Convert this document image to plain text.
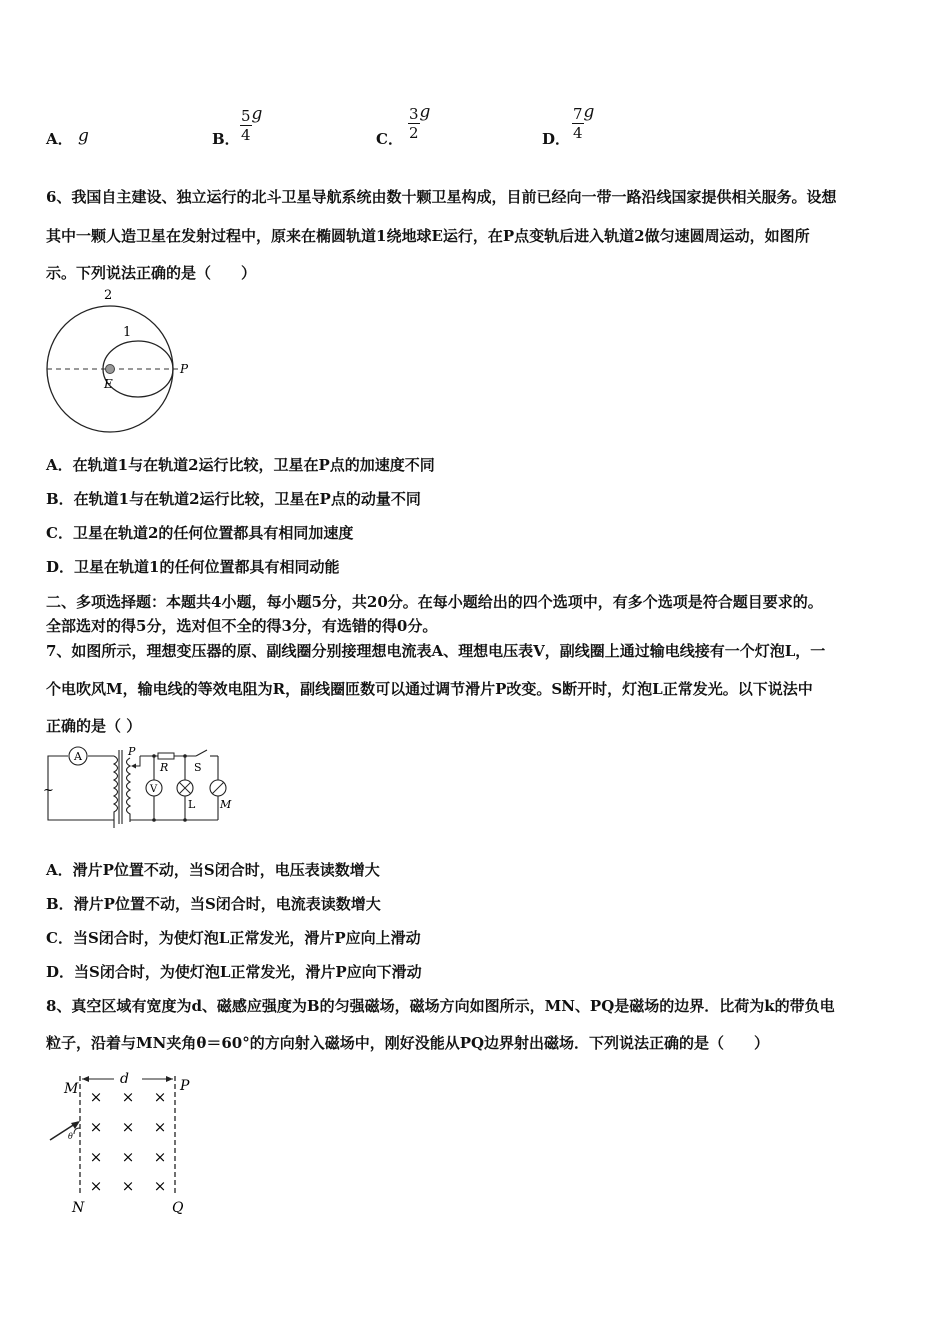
A． g	B． $\frac{5}{4}$ g
C． $\frac{3}{2}$ g
D． $\frac{7}{4}$ g
6、我国自主建设、独立运行的北斗卫星导航系统由数十颗卫星构成，目前已经向一带一路沿线国家提供相关服务。设想
其中一颗人造卫星在发射过程中，原来在椭圆轨道1绕地球E运行，在P点变轨后进入轨道2做匀速圆周运动，如图所
示。下列说法正确的是（　　）
2
1
E
P
A．在轨道1与在轨道2运行比较，卫星在P点的加速度不同
B．在轨道1与在轨道2运行比较，卫星在P点的动量不同
C．卫星在轨道2的任何位置都具有相同加速度
D．卫星在轨道1的任何位置都具有相同动能
二、多项选择题：本题共4小题，每小题5分，共20分。在每小题给出的四个选项中，有多个选项是符合题目要求的。
全部选对的得5分，选对但不全的得3分，有选错的得0分。
7、如图所示，理想变压器的原、副线圈分别接理想电流表A、理想电压表V，副线圈上通过输电线接有一个灯泡L，一
个电吹风M，输电线的等效电阻为R，副线圈匝数可以通过调节滑片P改变。S断开时，灯泡L正常发光。以下说法中
正确的是（ ）
A
~
P
R S
V
L M
A．滑片P位置不动，当S闭合时，电压表读数增大
B．滑片P位置不动，当S闭合时，电流表读数增大
C．当S闭合时，为使灯泡L正常发光，滑片P应向上滑动
D．当S闭合时，为使灯泡L正常发光，滑片P应向下滑动
8、真空区域有宽度为d、磁感应强度为B的匀强磁场，磁场方向如图所示，MN、PQ是磁场的边界．比荷为k的带负电
粒子，沿着与MN夹角θ＝60°的方向射入磁场中，刚好没能从PQ边界射出磁场．下列说法正确的是（　　）
d
M	P
N	Q
θ
× × ×
× × ×
× × ×
× × ×
